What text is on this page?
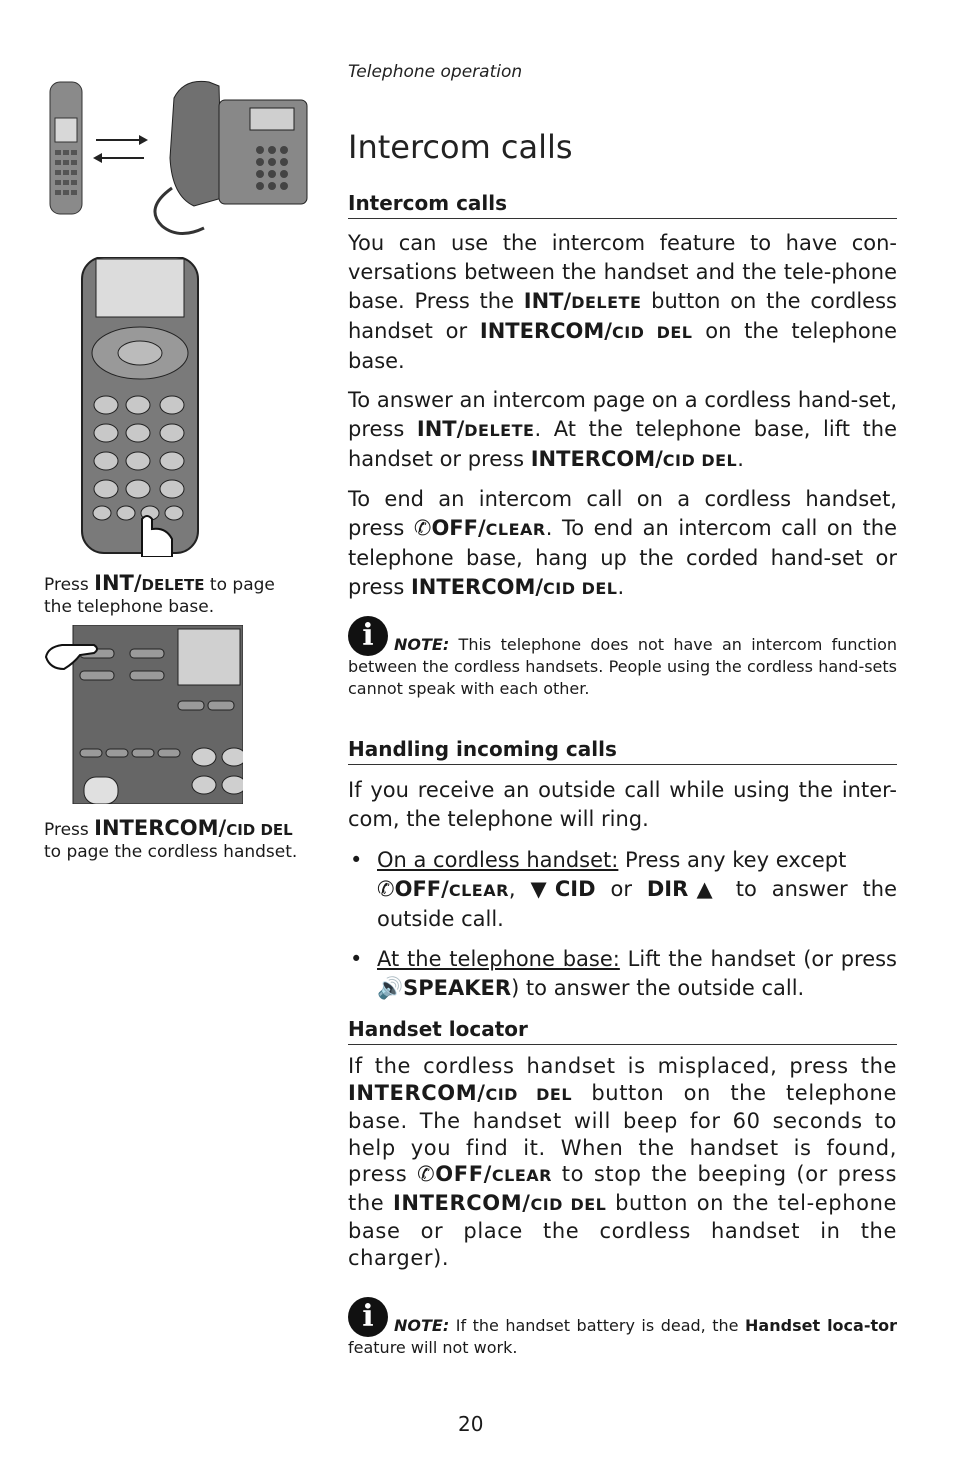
Press INT/DELETE to page the telephone base.
Press INTERCOM/CID DEL
to page the cordless handset.
Telephone operation
Intercom calls
Intercom calls
You can use the intercom feature to have con-versations between the handset and the tele-phone base. Press the INT/DELETE button on the cordless handset or INTERCOM/CID DEL on the telephone base.
To answer an intercom page on a cordless hand-set, press INT/DELETE. At the telephone base, lift the handset or press INTERCOM/CID DEL.
To end an intercom call on a cordless handset, press ✆OFF/CLEAR. To end an intercom call on the telephone base, hang up the corded hand-set or press INTERCOM/CID DEL.
i NOTE: This telephone does not have an intercom function between the cordless handsets. People using the cordless hand-sets cannot speak with each other.
Handling incoming calls
If you receive an outside call while using the inter-com, the telephone will ring.
• On a cordless handset: Press any key except
✆OFF/CLEAR, ▼CID or DIR▲ to answer the outside call.
• At the telephone base: Lift the handset (or press 🔊SPEAKER) to answer the outside call.
Handset locator
If the cordless handset is misplaced, press the INTERCOM/CID DEL button on the telephone base. The handset will beep for 60 seconds to help you find it. When the handset is found, press ✆OFF/CLEAR to stop the beeping (or press the INTERCOM/CID DEL button on the tel-ephone base or place the cordless handset in the charger).
i NOTE: If the handset battery is dead, the Handset loca-tor feature will not work.
20
